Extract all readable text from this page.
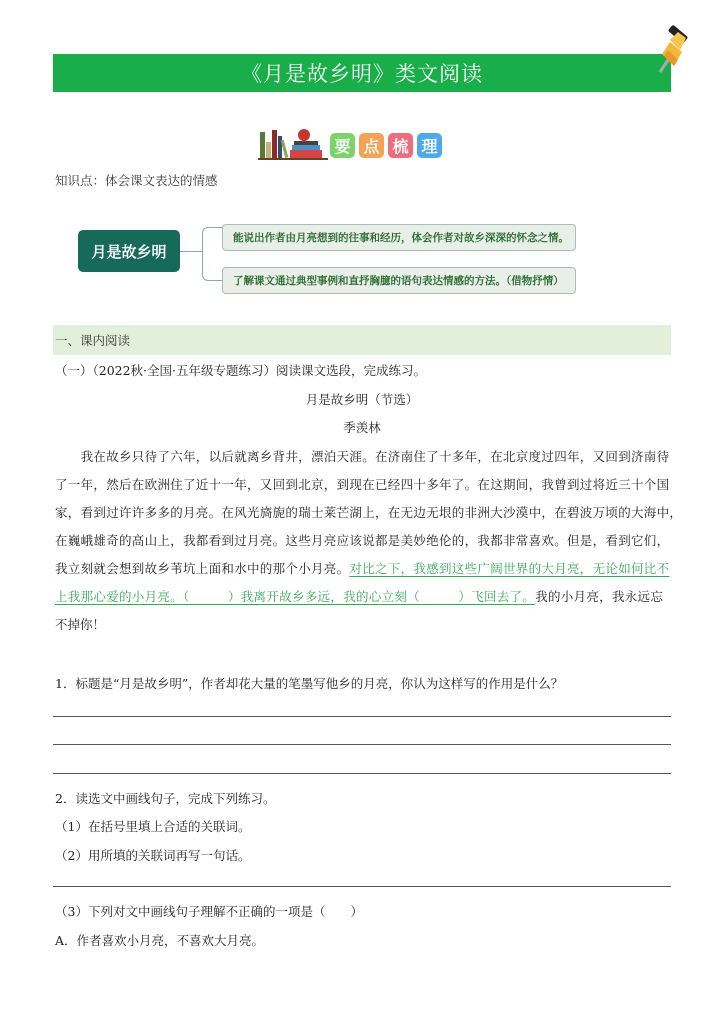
《月是故乡明》类文阅读
要 点 梳 理
知识点：体会课文表达的情感
月是故乡明
能说出作者由月亮想到的往事和经历，体会作者对故乡深深的怀念之情。
了解课文通过典型事例和直抒胸臆的语句表达情感的方法。（借物抒情）
一、课内阅读
（一）（2022秋·全国·五年级专题练习）阅读课文选段，完成练习。
月是故乡明（节选）
季羡林
　　我在故乡只待了六年，以后就离乡背井，漂泊天涯。在济南住了十多年，在北京度过四年，又回到济南待
了一年，然后在欧洲住了近十一年，又回到北京，到现在已经四十多年了。在这期间，我曾到过将近三十个国
家，看到过许许多多的月亮。在风光旖旎的瑞士莱芒湖上，在无边无垠的非洲大沙漠中，在碧波万顷的大海中，
在巍峨雄奇的高山上，我都看到过月亮。这些月亮应该说都是美妙绝伦的，我都非常喜欢。但是，看到它们，
我立刻就会想到故乡苇坑上面和水中的那个小月亮。对比之下，我感到这些广阔世界的大月亮，无论如何比不
上我那心爱的小月亮。（　　　）我离开故乡多远，我的心立刻（　　　）飞回去了。我的小月亮，我永远忘
不掉你！
1．标题是“月是故乡明”，作者却花大量的笔墨写他乡的月亮，你认为这样写的作用是什么？
2．读选文中画线句子，完成下列练习。
（1）在括号里填上合适的关联词。
（2）用所填的关联词再写一句话。
（3）下列对文中画线句子理解不正确的一项是（　　）
A．作者喜欢小月亮，不喜欢大月亮。
